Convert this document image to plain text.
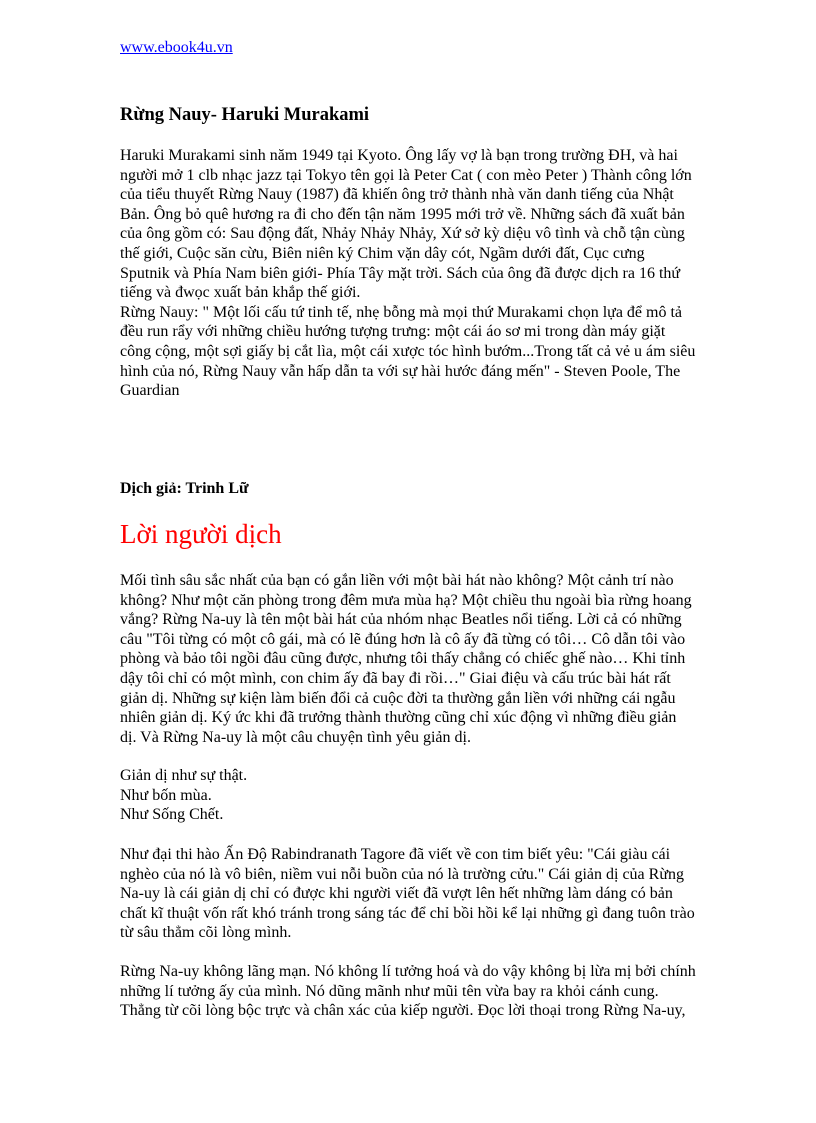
www.ebook4u.vn
Rừng Nauy- Haruki Murakami

Haruki Murakami sinh năm 1949 tại Kyoto. Ông lấy vợ là bạn trong trường ĐH, và hai
người mở 1 clb nhạc jazz tại Tokyo tên gọi là Peter Cat ( con mèo Peter ) Thành công lớn
của tiểu thuyết Rừng Nauy (1987) đã khiến ông trở thành nhà văn danh tiếng của Nhật
Bản. Ông bỏ quê hương ra đi cho đến tận năm 1995 mới trở về. Những sách đã xuất bản
của ông gồm có: Sau động đất, Nhảy Nhảy Nhảy, Xứ sở kỳ diệu vô tình và chỗ tận cùng
thế giới, Cuộc săn cừu, Biên niên ký Chim vặn dây cót, Ngầm dưới đất, Cục cưng
Sputnik và Phía Nam biên giới- Phía Tây mặt trời. Sách của ông đã được dịch ra 16 thứ
tiếng và đwọc xuất bản khắp thế giới.
Rừng Nauy: " Một lối cấu tứ tinh tế, nhẹ bỗng mà mọi thứ Murakami chọn lựa để mô tả
đều run rẩy với những chiều hướng tượng trưng: một cái áo sơ mi trong dàn máy giặt
công cộng, một sợi giấy bị cắt lìa, một cái xược tóc hình bướm...Trong tất cả vẻ u ám siêu
hình của nó, Rừng Nauy vẫn hấp dẫn ta với sự hài hước đáng mến" - Steven Poole, The
Guardian

Dịch giả: Trinh Lữ

Lời người dịch

Mối tình sâu sắc nhất của bạn có gắn liền với một bài hát nào không? Một cảnh trí nào
không? Như một căn phòng trong đêm mưa mùa hạ? Một chiều thu ngoài bìa rừng hoang
vắng? Rừng Na-uy là tên một bài hát của nhóm nhạc Beatles nổi tiếng. Lời cả có những
câu "Tôi từng có một cô gái, mà có lẽ đúng hơn là cô ấy đã từng có tôi… Cô dẫn tôi vào
phòng và bảo tôi ngồi đâu cũng được, nhưng tôi thấy chẳng có chiếc ghế nào… Khi tỉnh
dậy tôi chỉ có một mình, con chim ấy đã bay đi rồi…" Giai điệu và cấu trúc bài hát rất
giản dị. Những sự kiện làm biến đổi cả cuộc đời ta thường gắn liền với những cái ngẫu
nhiên giản dị. Ký ức khi đã trưởng thành thường cũng chỉ xúc động vì những điều giản
dị. Và Rừng Na-uy là một câu chuyện tình yêu giản dị.

Giản dị như sự thật.
Như bốn mùa.
Như Sống Chết.

Như đại thi hào Ấn Độ Rabindranath Tagore đã viết về con tim biết yêu: "Cái giàu cái
nghèo của nó là vô biên, niềm vui nỗi buồn của nó là trường cửu." Cái giản dị của Rừng
Na-uy là cái giản dị chỉ có được khi người viết đã vượt lên hết những làm dáng có bản
chất kĩ thuật vốn rất khó tránh trong sáng tác để chỉ bồi hồi kể lại những gì đang tuôn trào
từ sâu thẳm cõi lòng mình.

Rừng Na-uy không lãng mạn. Nó không lí tưởng hoá và do vậy không bị lừa mị bởi chính
những lí tưởng ấy của mình. Nó dũng mãnh như mũi tên vừa bay ra khỏi cánh cung.
Thẳng từ cõi lòng bộc trực và chân xác của kiếp người. Đọc lời thoại trong Rừng Na-uy,
